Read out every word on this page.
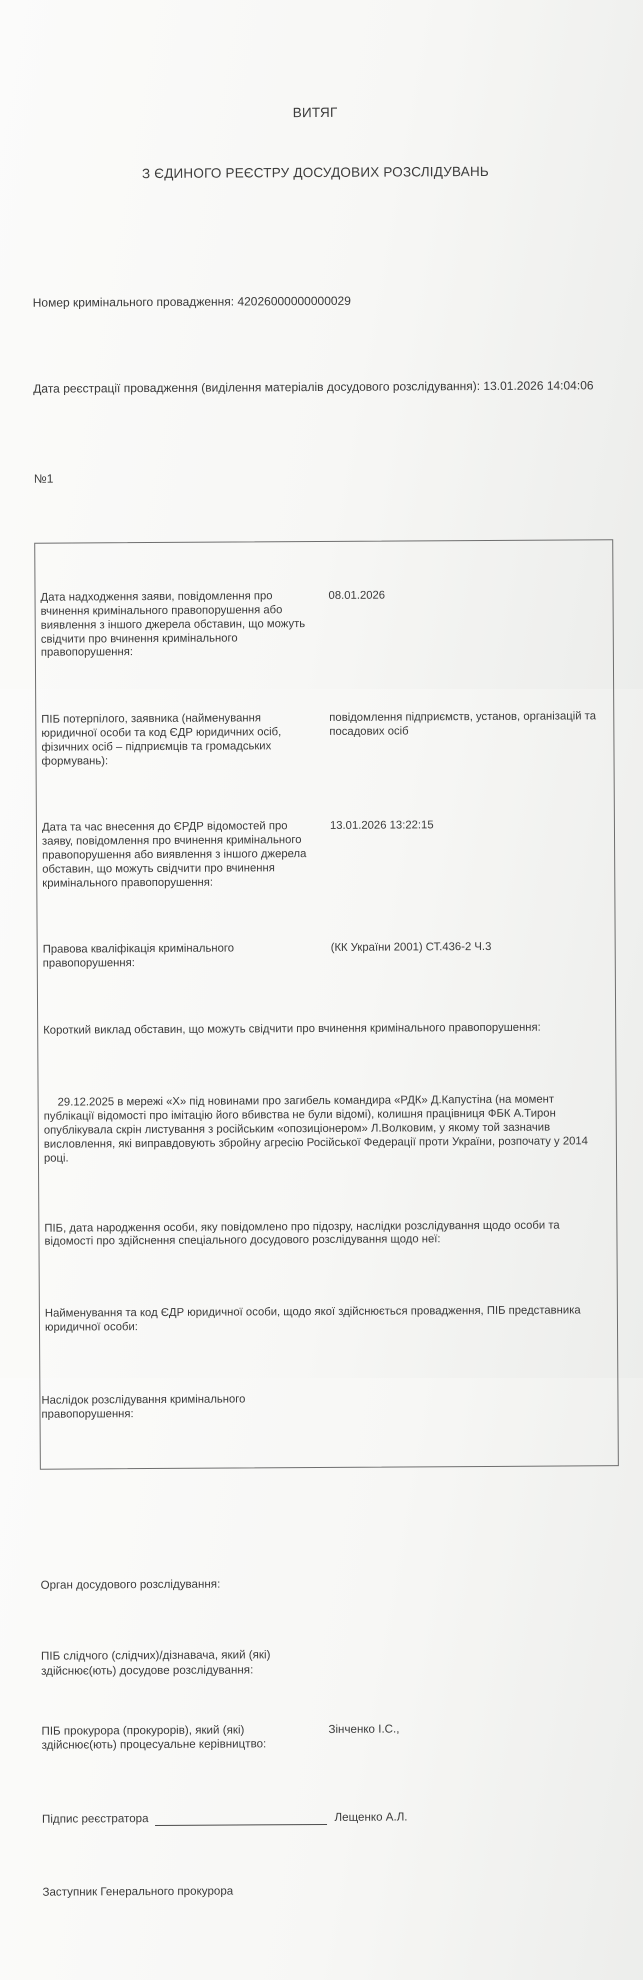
ВИТЯГ

З ЄДИНОГО РЕЄСТРУ ДОСУДОВИХ РОЗСЛІДУВАНЬ

Номер кримінального провадження: 42026000000000029

Дата реєстрації провадження (виділення матеріалів досудового розслідування): 13.01.2026 14:04:06

№1

Дата надходження заяви, повідомлення про вчинення кримінального правопорушення або виявлення з іншого джерела обставин, що можуть свідчити про вчинення кримінального правопорушення:
08.01.2026

ПІБ потерпілого, заявника (найменування юридичної особи та код ЄДР юридичних осіб, фізичних осіб – підприємців та громадських формувань):
повідомлення підприємств, установ, організацій та посадових осіб

Дата та час внесення до ЄРДР відомостей про заяву, повідомлення про вчинення кримінального правопорушення або виявлення з іншого джерела обставин, що можуть свідчити про вчинення кримінального правопорушення:
13.01.2026 13:22:15

Правова кваліфікація кримінального правопорушення:
(КК України 2001) СТ.436-2 Ч.3

Короткий виклад обставин, що можуть свідчити про вчинення кримінального правопорушення:

29.12.2025 в мережі «Х» під новинами про загибель командира «РДК» Д.Капустіна (на момент публікації відомості про імітацію його вбивства не були відомі), колишня працівниця ФБК А.Тирон опублікувала скрін листування з російським «опозиціонером» Л.Волковим, у якому той зазначив висловлення, які виправдовують збройну агресію Російської Федерації проти України, розпочату у 2014 році.

ПІБ, дата народження особи, яку повідомлено про підозру, наслідки розслідування щодо особи та відомості про здійснення спеціального досудового розслідування щодо неї:

Найменування та код ЄДР юридичної особи, щодо якої здійснюється провадження, ПІБ представника юридичної особи:

Наслідок розслідування кримінального правопорушення:

Орган досудового розслідування:

ПІБ слідчого (слідчих)/дізнавача, який (які) здійснює(ють) досудове розслідування:

ПІБ прокурора (прокурорів), який (які) здійснює(ють) процесуальне керівництво:
Зінченко І.С.,

Підпис реєстратора	Лещенко А.Л.

Заступник Генерального прокурора
